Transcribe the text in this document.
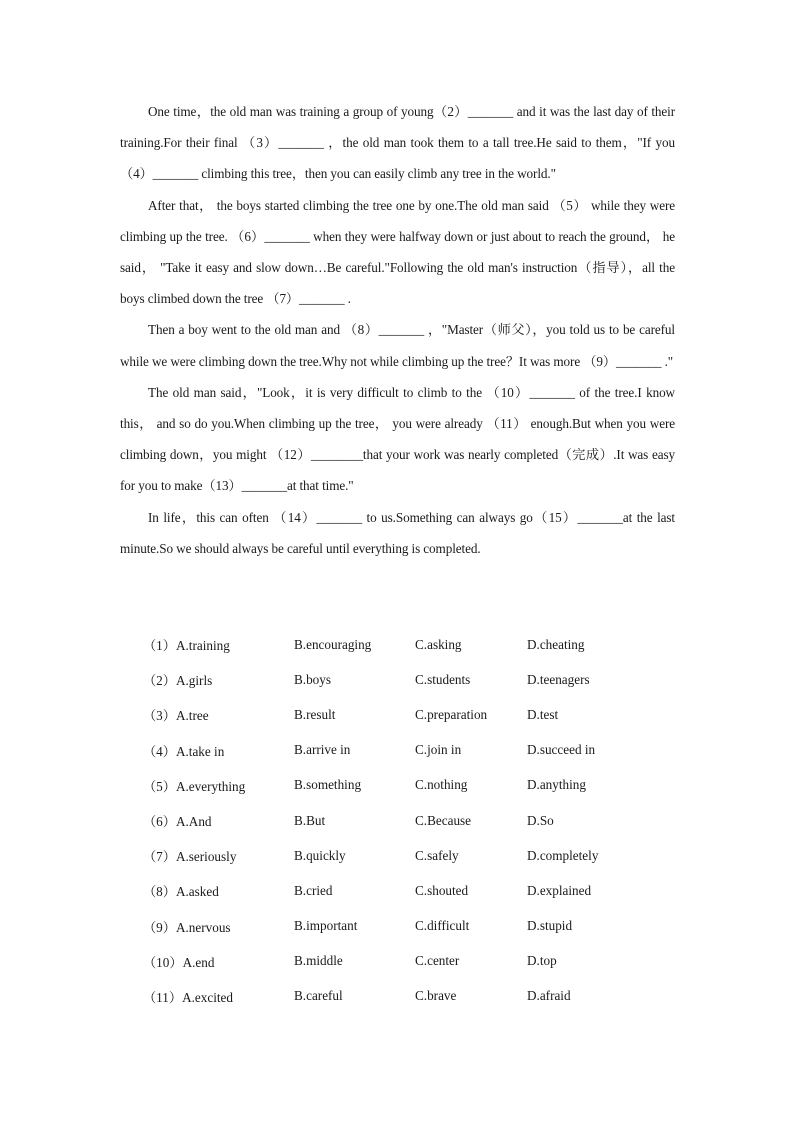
One time，the old man was training a group of young（2）_______ and it was the last day of their training.For their final （3）_______ ，the old man took them to a tall tree.He said to them，"If you （4）_______ climbing this tree，then you can easily climb any tree in the world."

After that， the boys started climbing the tree one by one.The old man said （5） while they were climbing up the tree. （6）_______ when they were halfway down or just about to reach the ground， he said， "Take it easy and slow down…Be careful."Following the old man's instruction（指导），all the boys climbed down the tree （7）_______ .

Then a boy went to the old man and （8）_______ ，"Master（师父），you told us to be careful while we were climbing down the tree.Why not while climbing up the tree？It was more （9）_______ ."

The old man said，"Look，it is very difficult to climb to the （10）_______ of the tree.I know this， and so do you.When climbing up the tree， you were already （11） enough.But when you were climbing down，you might （12）________that your work was nearly completed（完成）.It was easy for you to make（13）_______at that time."

In life，this can often （14）_______ to us.Something can always go（15）_______at the last minute.So we should always be careful until everything is completed.

（1）A.training	B.encouraging	C.asking	D.cheating
（2）A.girls	B.boys	C.students	D.teenagers
（3）A.tree	B.result	C.preparation	D.test
（4）A.take in	B.arrive in	C.join in	D.succeed in
（5）A.everything	B.something	C.nothing	D.anything
（6）A.And	B.But	C.Because	D.So
（7）A.seriously	B.quickly	C.safely	D.completely
（8）A.asked	B.cried	C.shouted	D.explained
（9）A.nervous	B.important	C.difficult	D.stupid
（10）A.end	B.middle	C.center	D.top
（11）A.excited	B.careful	C.brave	D.afraid
